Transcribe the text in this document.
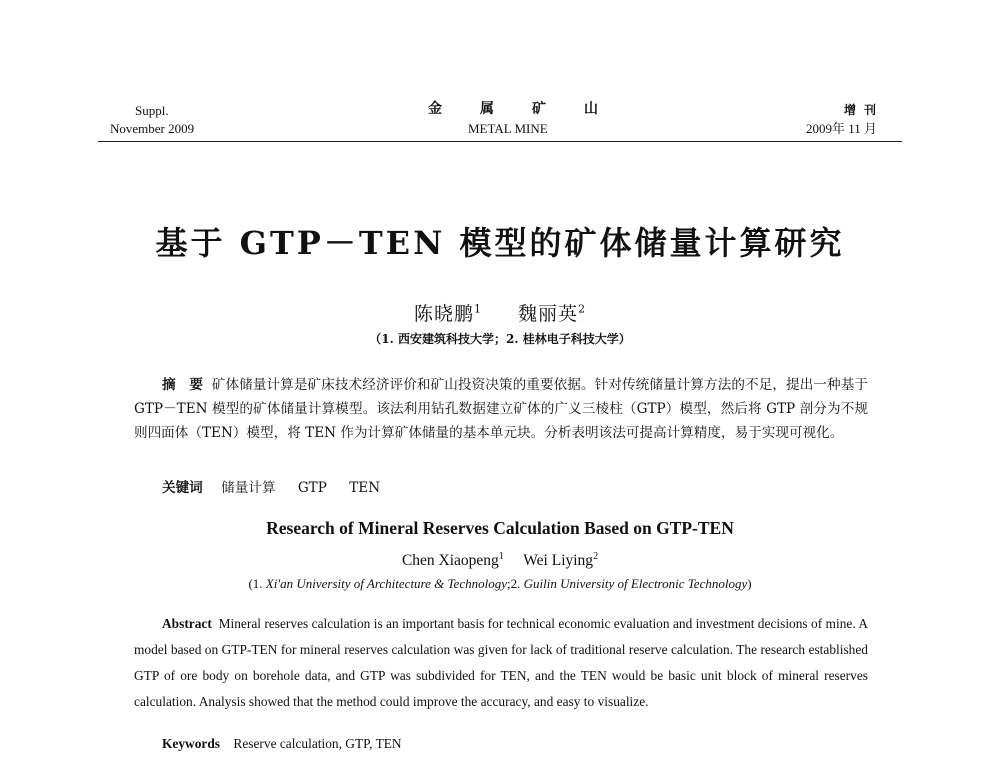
Suppl.
November 2009
金属矿山
METAL MINE
增刊
2009年 11 月
基于 GTP－TEN 模型的矿体储量计算研究
陈晓鹏$^1$ 魏丽英$^2$
（1. 西安建筑科技大学；2. 桂林电子科技大学）
摘　要 矿体储量计算是矿床技术经济评价和矿山投资决策的重要依据。针对传统储量计算方法的不足，提出一种基于 GTP－TEN 模型的矿体储量计算模型。该法利用钻孔数据建立矿体的广义三棱柱（GTP）模型，然后将 GTP 剖分为不规则四面体（TEN）模型，将 TEN 作为计算矿体储量的基本单元块。分析表明该法可提高计算精度，易于实现可视化。
关键词 储量计算 GTP TEN
Research of Mineral Reserves Calculation Based on GTP-TEN
Chen Xiaopeng$^1$ Wei Liying$^2$
(1. Xi'an University of Architecture & Technology;2. Guilin University of Electronic Technology)
Abstract Mineral reserves calculation is an important basis for technical economic evaluation and investment decisions of mine. A model based on GTP-TEN for mineral reserves calculation was given for lack of traditional reserve calculation. The research established GTP of ore body on borehole data, and GTP was subdivided for TEN, and the TEN would be basic unit block of mineral reserves calculation. Analysis showed that the method could improve the accuracy, and easy to visualize.
Keywords Reserve calculation, GTP, TEN
